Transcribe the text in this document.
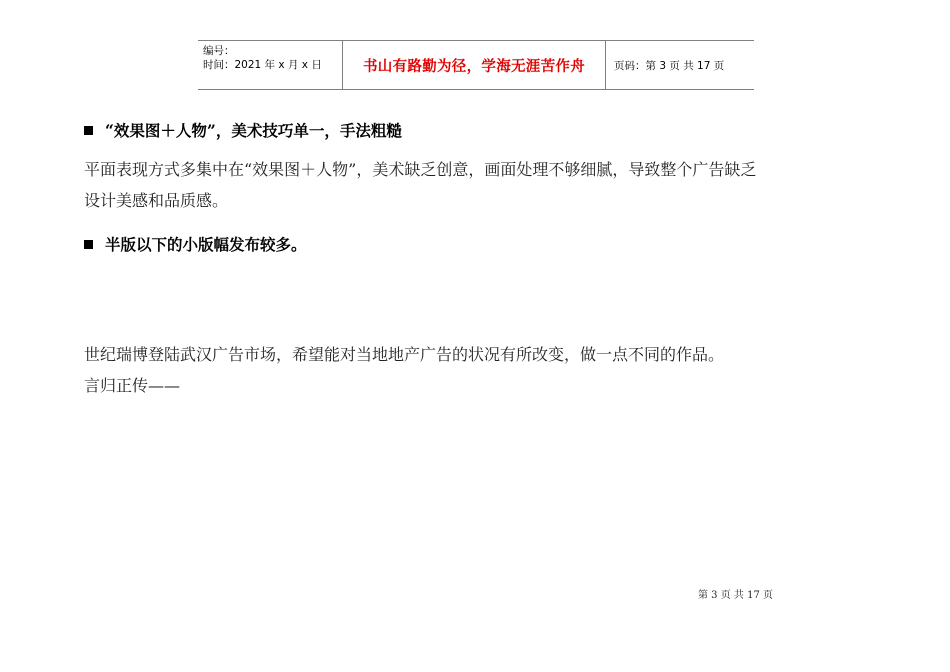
编号：
时间：2021 年 x 月 x 日	书山有路勤为径，学海无涯苦作舟	页码：第 3 页 共 17 页
“效果图＋人物”，美术技巧单一，手法粗糙
平面表现方式多集中在“效果图＋人物”，美术缺乏创意，画面处理不够细腻，导致整个广告缺乏
设计美感和品质感。
半版以下的小版幅发布较多。
世纪瑞博登陆武汉广告市场，希望能对当地地产广告的状况有所改变，做一点不同的作品。
言归正传——
第 3 页 共 17 页
